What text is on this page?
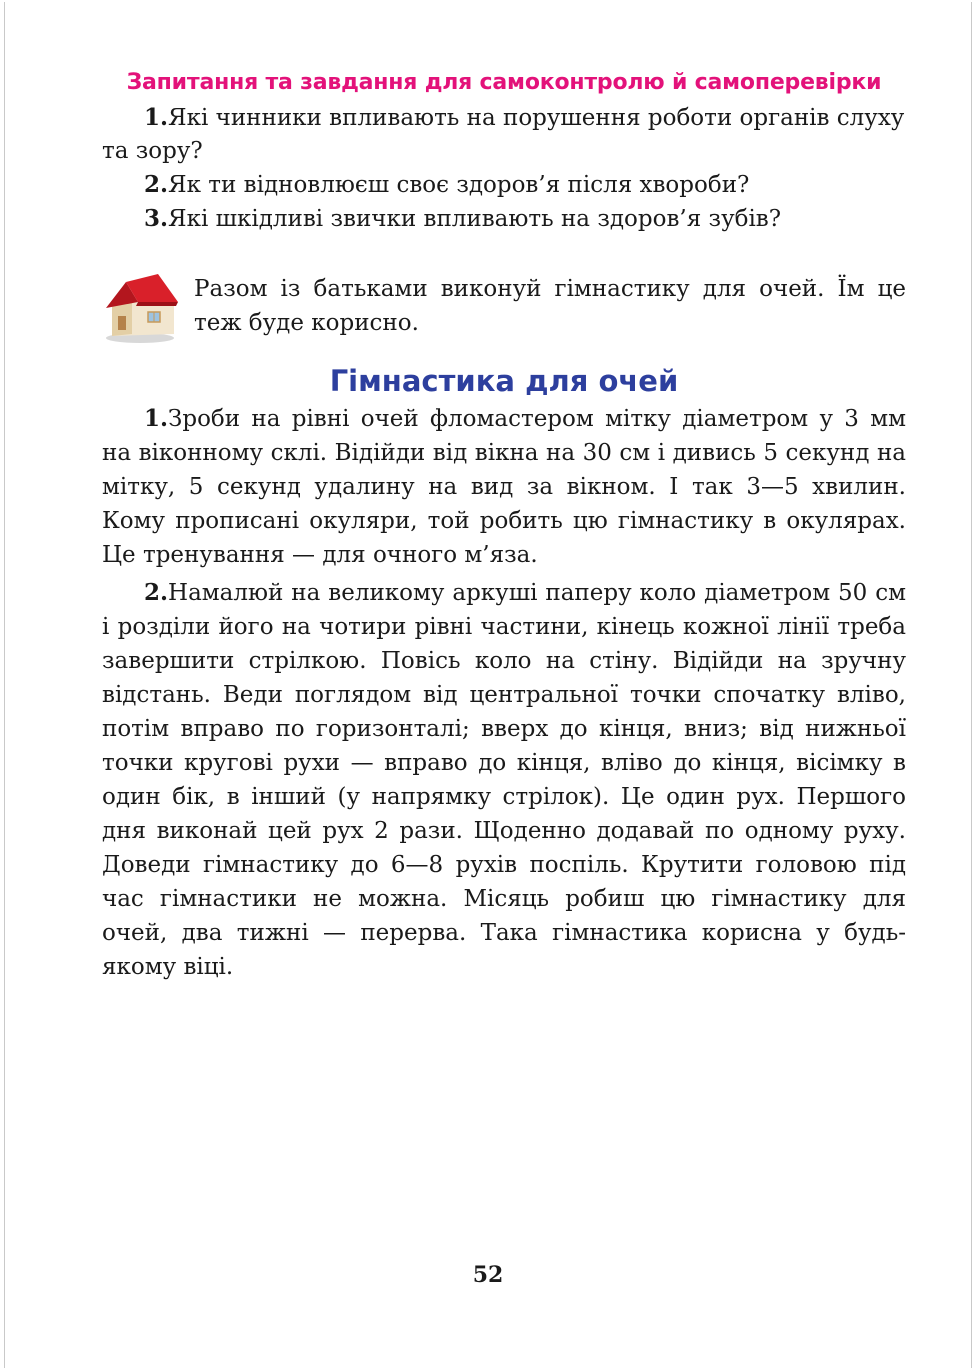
Запитання та завдання для самоконтролю й самоперевірки

1.Які чинники впливають на порушення роботи органів слуху та зору?

2.Як ти відновлюєш своє здоров’я після хвороби?

3.Які шкідливі звички впливають на здоров’я зубів?

Разом із батьками виконуй гімнастику для очей. Їм це теж буде корисно.
Гімнастика для очей

1.Зроби на рівні очей фломастером мітку діаметром у 3 мм на віконному склі. Відійди від вікна на 30 см і дивись 5 секунд на мітку, 5 секунд удалину на вид за вікном. І так 3—5 хвилин. Кому прописані окуляри, той робить цю гімнастику в окулярах. Це тренування — для очного м’яза.

2.Намалюй на великому аркуші паперу коло діаметром 50 см і розділи його на чотири рівні частини, кінець кожної лінії треба завершити стрілкою. Повісь коло на стіну. Відійди на зручну відстань. Веди поглядом від центральної точки спочатку вліво, потім вправо по горизонталі; вверх до кінця, вниз; від нижньої точки кругові рухи — вправо до кінця, вліво до кінця, вісімку в один бік, в інший (у напрямку стрілок). Це один рух. Першого дня виконай цей рух 2 рази. Щоденно додавай по одному руху. Доведи гімнастику до 6—8 рухів поспіль. Крутити головою під час гімнастики не можна. Місяць робиш цю гімнастику для очей, два тижні — перерва. Така гімнастика корисна у будь-якому віці.

52
